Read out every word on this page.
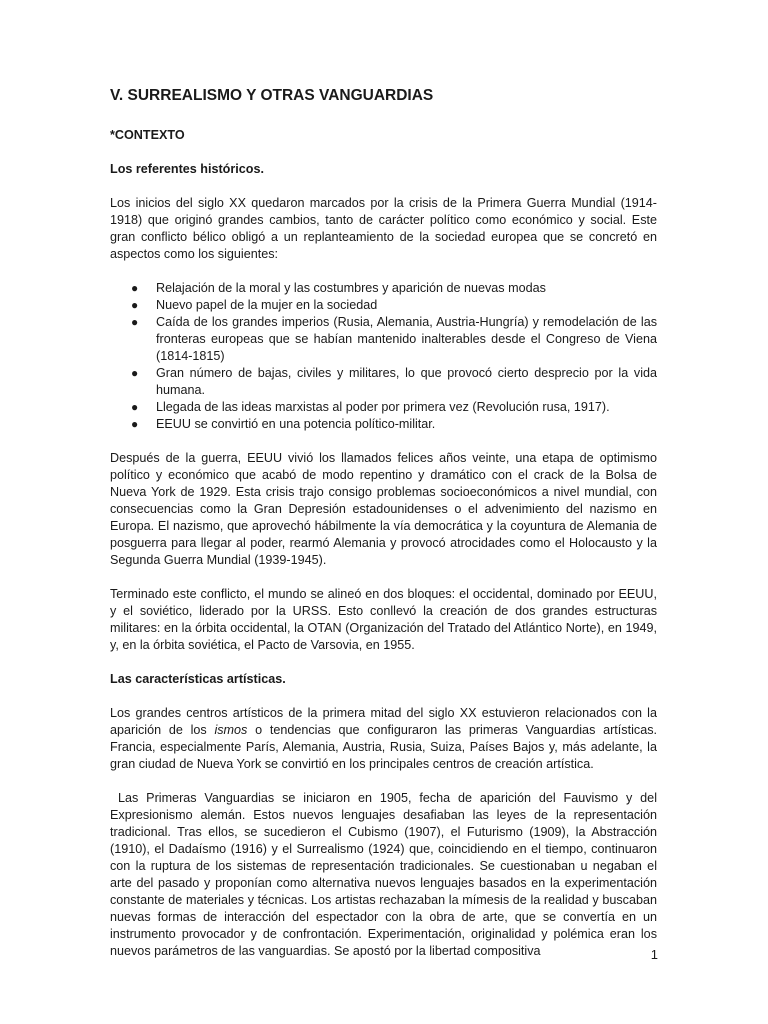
V. SURREALISMO Y OTRAS VANGUARDIAS
*CONTEXTO
Los referentes históricos.

Los inicios del siglo XX quedaron marcados por la crisis de la Primera Guerra Mundial (1914-1918) que originó grandes cambios, tanto de carácter político como económico y social. Este gran conflicto bélico obligó a un replanteamiento de la sociedad europea que se concretó en aspectos como los siguientes:

● Relajación de la moral y las costumbres y aparición de nuevas modas
● Nuevo papel de la mujer en la sociedad
● Caída de los grandes imperios (Rusia, Alemania, Austria-Hungría) y remodelación de las fronteras europeas que se habían mantenido inalterables desde el Congreso de Viena (1814-1815)
● Gran número de bajas, civiles y militares, lo que provocó cierto desprecio por la vida humana.
● Llegada de las ideas marxistas al poder por primera vez (Revolución rusa, 1917).
● EEUU se convirtió en una potencia político-militar.

Después de la guerra, EEUU vivió los llamados felices años veinte, una etapa de optimismo político y económico que acabó de modo repentino y dramático con el crack de la Bolsa de Nueva York de 1929. Esta crisis trajo consigo problemas socioeconómicos a nivel mundial, con consecuencias como la Gran Depresión estadounidenses o el advenimiento del nazismo en Europa. El nazismo, que aprovechó hábilmente la vía democrática y la coyuntura de Alemania de posguerra para llegar al poder, rearmó Alemania y provocó atrocidades como el Holocausto y la Segunda Guerra Mundial (1939-1945).

Terminado este conflicto, el mundo se alineó en dos bloques: el occidental, dominado por EEUU, y el soviético, liderado por la URSS. Esto conllevó la creación de dos grandes estructuras militares: en la órbita occidental, la OTAN (Organización del Tratado del Atlántico Norte), en 1949, y, en la órbita soviética, el Pacto de Varsovia, en 1955.

Las características artísticas.

Los grandes centros artísticos de la primera mitad del siglo XX estuvieron relacionados con la aparición de los ismos o tendencias que configuraron las primeras Vanguardias artísticas. Francia, especialmente París, Alemania, Austria, Rusia, Suiza, Países Bajos y, más adelante, la gran ciudad de Nueva York se convirtió en los principales centros de creación artística.

Las Primeras Vanguardias se iniciaron en 1905, fecha de aparición del Fauvismo y del Expresionismo alemán. Estos nuevos lenguajes desafiaban las leyes de la representación tradicional. Tras ellos, se sucedieron el Cubismo (1907), el Futurismo (1909), la Abstracción (1910), el Dadaísmo (1916) y el Surrealismo (1924) que, coincidiendo en el tiempo, continuaron con la ruptura de los sistemas de representación tradicionales. Se cuestionaban u negaban el arte del pasado y proponían como alternativa nuevos lenguajes basados en la experimentación constante de materiales y técnicas. Los artistas rechazaban la mímesis de la realidad y buscaban nuevas formas de interacción del espectador con la obra de arte, que se convertía en un instrumento provocador y de confrontación. Experimentación, originalidad y polémica eran los nuevos parámetros de las vanguardias. Se apostó por la libertad compositiva	1
